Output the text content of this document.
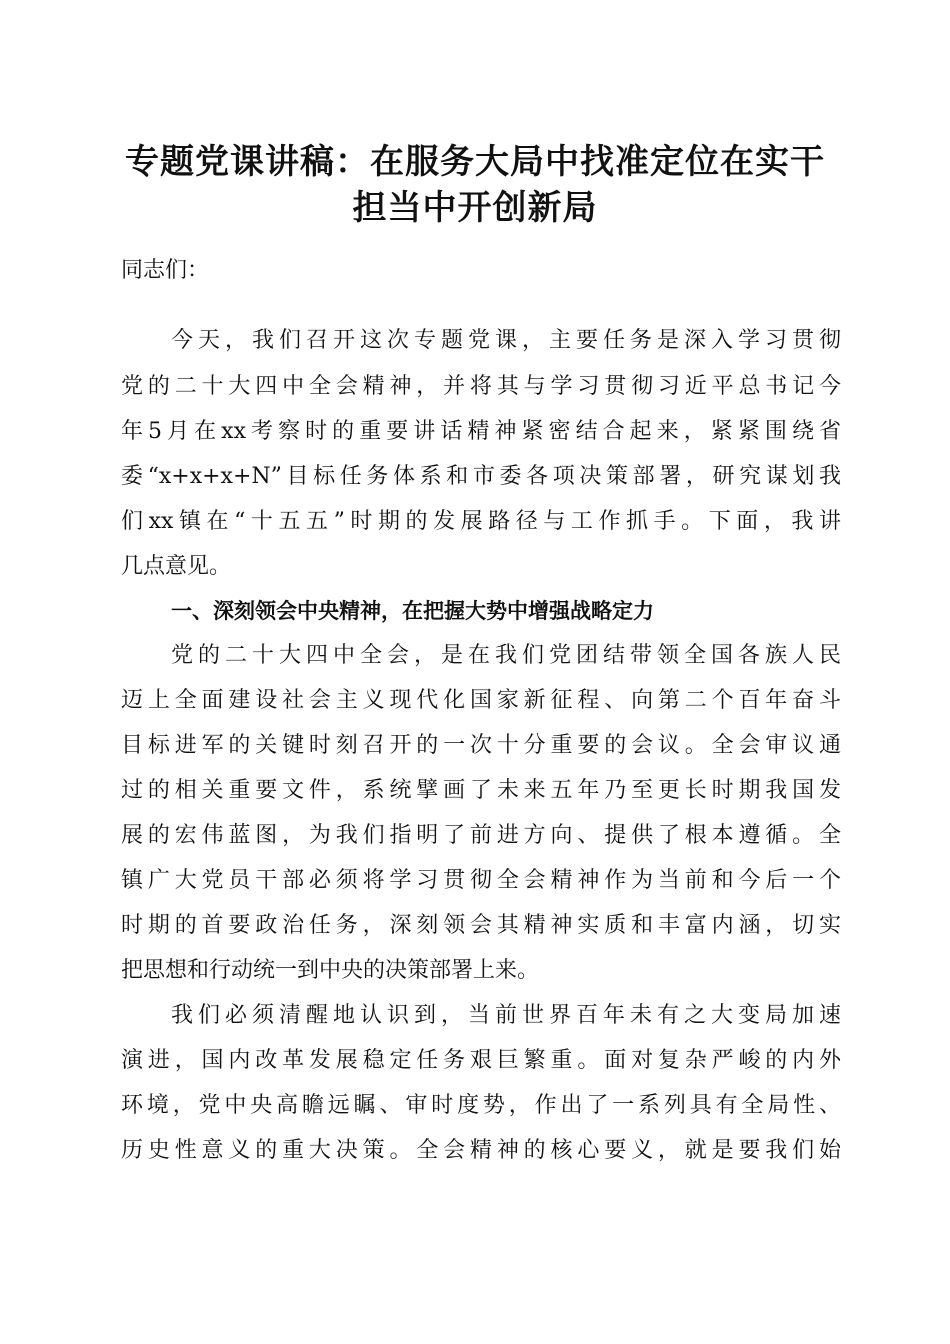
专题党课讲稿：在服务大局中找准定位在实干
担当中开创新局

同志们：

今天，我们召开这次专题党课，主要任务是深入学习贯彻

党的二十大四中全会精神，并将其与学习贯彻习近平总书记今

年5月在xx考察时的重要讲话精神紧密结合起来，紧紧围绕省

委“x+x+x+N”目标任务体系和市委各项决策部署，研究谋划我

们xx镇在“十五五”时期的发展路径与工作抓手。下面，我讲

几点意见。

一、深刻领会中央精神，在把握大势中增强战略定力

党的二十大四中全会，是在我们党团结带领全国各族人民

迈上全面建设社会主义现代化国家新征程、向第二个百年奋斗

目标进军的关键时刻召开的一次十分重要的会议。全会审议通

过的相关重要文件，系统擘画了未来五年乃至更长时期我国发

展的宏伟蓝图，为我们指明了前进方向、提供了根本遵循。全

镇广大党员干部必须将学习贯彻全会精神作为当前和今后一个

时期的首要政治任务，深刻领会其精神实质和丰富内涵，切实

把思想和行动统一到中央的决策部署上来。

我们必须清醒地认识到，当前世界百年未有之大变局加速

演进，国内改革发展稳定任务艰巨繁重。面对复杂严峻的内外

环境，党中央高瞻远瞩、审时度势，作出了一系列具有全局性、

历史性意义的重大决策。全会精神的核心要义，就是要我们始
